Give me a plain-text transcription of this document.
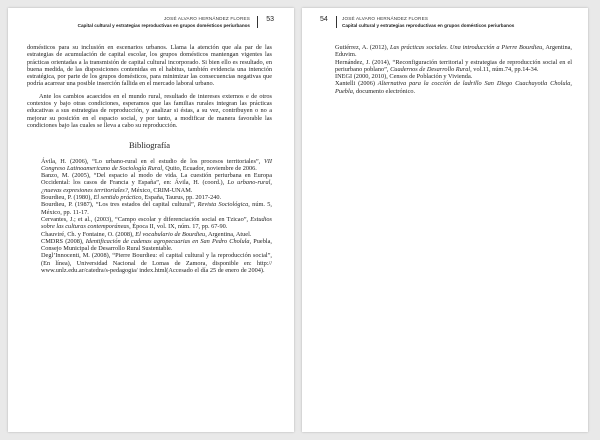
JOSÉ ALVARO HERNÁNDEZ FLORES
Capital cultural y estrategias reproductivas en grupos domésticos periurbanos
53

domésticos para su inclusión en escenarios urbanos. Llama la atención que ala par de las estrategias de acumulación de capital escolar, los grupos domésticos mantengan vigentes las prácticas orientadas a la transmisión de capital cultural incorporado. Si bien ello es resultado, en buena medida, de las disposiciones contenidas en el habitus, también evidencia una intención estratégica, por parte de los grupos domésticos, para minimizar las consecuencias negativas que podría acarrear una posible inserción fallida en el mercado laboral urbano.

Ante los cambios acaecidos en el mundo rural, resultado de intereses externos e de otros contextos y bajo otras condiciones, esperamos que las familias rurales integran las prácticas educativas a sus estrategias de reproducción, y analizar si éstas, a su vez, contribuyen o no a mejorar su posición en el espacio social, y por tanto, a modificar de manera favorable las condiciones bajo las cuales se lleva a cabo su reproducción.

Bibliografía

Ávila, H. (2006), “Lo urbano-rural en el estudio de los procesos territoriales”, VII Congreso Latinoamericano de Sociología Rural, Quito, Ecuador, noviembre de 2006.

Banzo, M. (2005), “Del espacio al modo de vida. La cuestión periurbana en Europa Occidental: los casos de Francia y España”, en: Ávila, H. (coord.), Lo urbano-rural, ¿nuevas expresiones territoriales?, México, CRIM-UNAM.

Bourdieu, P. (1980), El sentido práctico, España, Taurus, pp. 2017-240.

Bourdieu, P. (1987), “Los tres estados del capital cultural”, Revista Sociológica, núm. 5, México, pp. 11-17.

Cervantes, J.; et al., (2003), “Campo escolar y diferenciación social en Tzicao”, Estudios sobre las culturas contemporáneas, Época II, vol. IX, núm. 17, pp. 67-90.

Chauviré, Ch. y Fontaine, O. (2008), El vocabulario de Bourdieu, Argentina, Atuel.

CMDRS (2008), Identificación de cadenas agropecuarias en San Pedro Cholula, Puebla, Consejo Municipal de Desarrollo Rural Sustentable.

Degl’Innocenti, M. (2008), “Pierre Bourdieu: el capital cultural y la reproducción social”, (En línea), Universidad Nacional de Lomas de Zamora, disponible en: http:// www.unlz.edu.ar/catedra/s-pedagogia/ index.html(Accesado el día 25 de enero de 2004).

54	JOSÉ ALVARO HERNÁNDEZ FLORES
Capital cultural y estrategias reproductivas en grupos domésticos periurbanos

Gutiérrez, A. (2012), Las prácticas sociales. Una introducción a Pierre Bourdieu, Argentina, Eduvim.

Hernández, J. (2014), “Reconfiguración territorial y estrategias de reproducción social en el periurbano poblano”, Cuadernos de Desarrollo Rural, vol.11, núm.74, pp.14-34.

INEGI (2000, 2010), Censos de Población y Vivienda.

Xantelli (2006) Alternativa para la cocción de ladrillo San Diego Cuachayotla Cholula, Puebla, documento electrónico.
